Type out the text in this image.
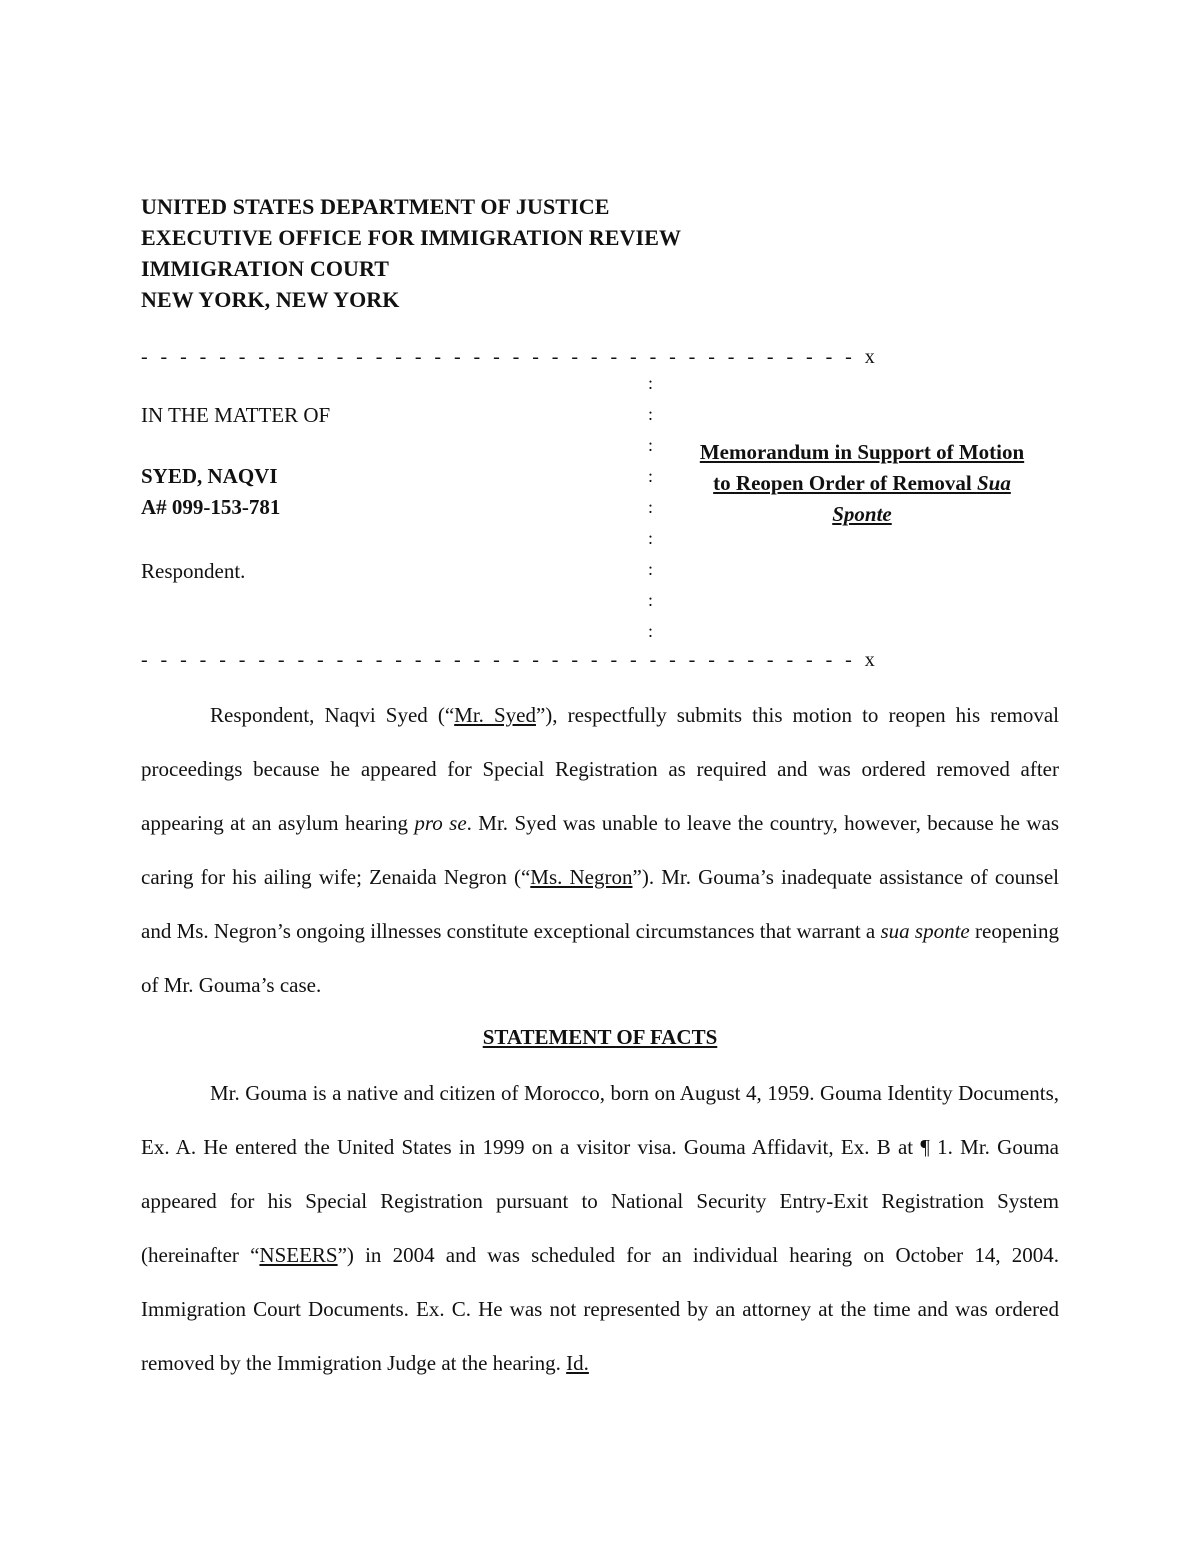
UNITED STATES DEPARTMENT OF JUSTICE
EXECUTIVE OFFICE FOR IMMIGRATION REVIEW
IMMIGRATION COURT
NEW YORK, NEW YORK
- - - - - - - - - - - - - - - - - - - - - - - - - - - - - - - - - - - - - x
:
:
:
:
:
:
:
:
:
IN THE MATTER OF
SYED, NAQVI
A# 099-153-781
Respondent.
Memorandum in Support of Motion
to Reopen Order of Removal Sua
Sponte
- - - - - - - - - - - - - - - - - - - - - - - - - - - - - - - - - - - - - x
Respondent, Naqvi Syed (“Mr. Syed”), respectfully submits this motion to reopen his removal proceedings because he appeared for Special Registration as required and was ordered removed after appearing at an asylum hearing pro se. Mr. Syed was unable to leave the country, however, because he was caring for his ailing wife; Zenaida Negron (“Ms. Negron”). Mr. Gouma’s inadequate assistance of counsel and Ms. Negron’s ongoing illnesses constitute exceptional circumstances that warrant a sua sponte reopening of Mr. Gouma’s case.
STATEMENT OF FACTS
Mr. Gouma is a native and citizen of Morocco, born on August 4, 1959. Gouma Identity Documents, Ex. A. He entered the United States in 1999 on a visitor visa. Gouma Affidavit, Ex. B at ¶ 1. Mr. Gouma appeared for his Special Registration pursuant to National Security Entry-Exit Registration System (hereinafter “NSEERS”) in 2004 and was scheduled for an individual hearing on October 14, 2004. Immigration Court Documents. Ex. C. He was not represented by an attorney at the time and was ordered removed by the Immigration Judge at the hearing. Id.
